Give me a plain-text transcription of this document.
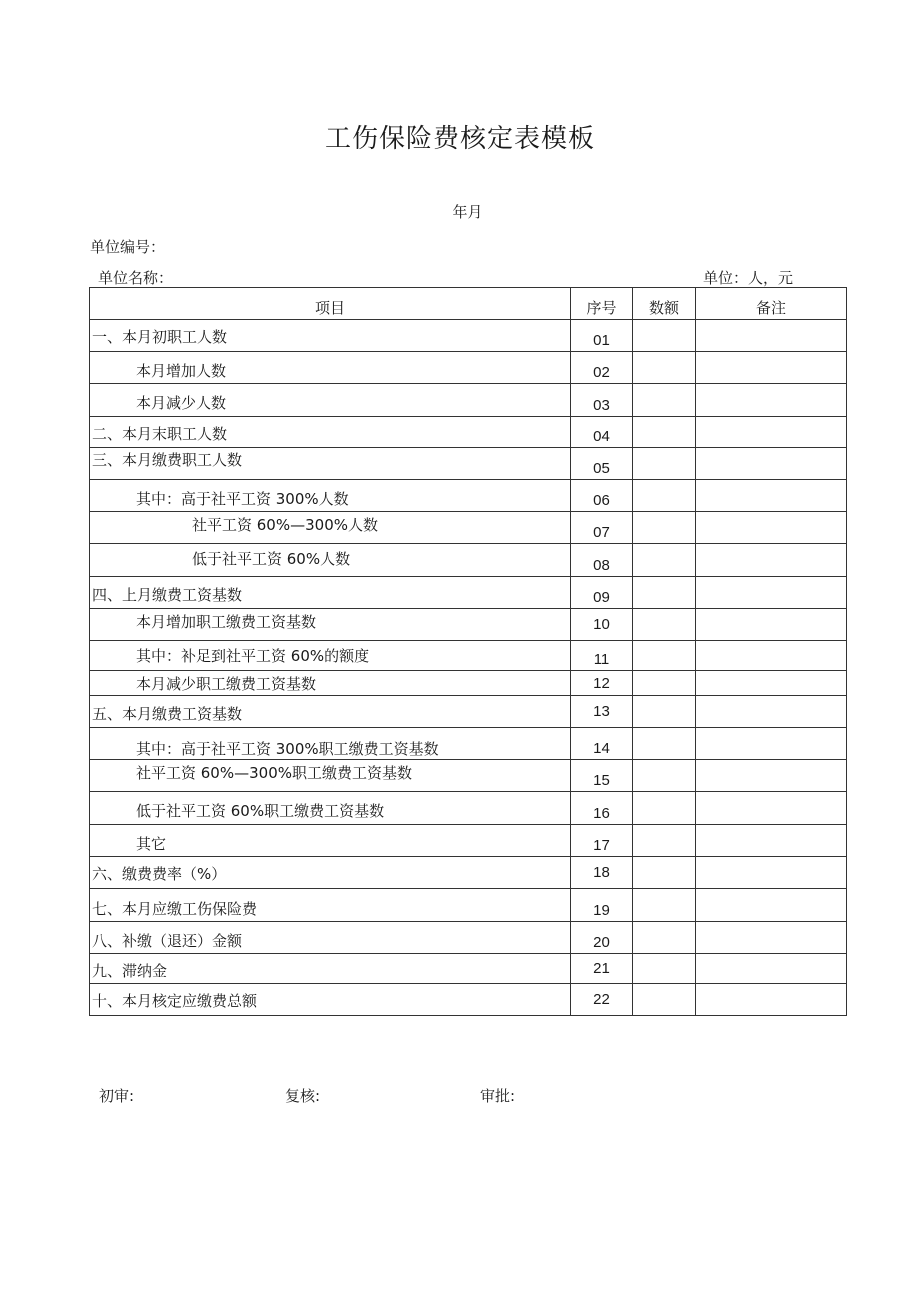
工伤保险费核定表模板
年月
单位编号：
单位名称：	单位：人，元
项目	序号	数额	备注

一、本月初职工人数	01		

本月增加人数	02		

本月减少人数	03		

二、本月末职工人数	04		

三、本月缴费职工人数	05		

其中：高于社平工资 300%人数	06		

社平工资 60%—300%人数	07		

低于社平工资 60%人数	08		

四、上月缴费工资基数	09		

本月增加职工缴费工资基数	10		

其中：补足到社平工资 60%的额度	11		

本月减少职工缴费工资基数	12		

五、本月缴费工资基数	13		

其中：高于社平工资 300%职工缴费工资基数	14		

社平工资 60%—300%职工缴费工资基数	15		

低于社平工资 60%职工缴费工资基数	16		

其它	17		

六、缴费费率（%）	18		

七、本月应缴工伤保险费	19		

八、补缴（退还）金额	20		

九、滞纳金	21		

十、本月核定应缴费总额	22		
初审:	复核:	审批:
